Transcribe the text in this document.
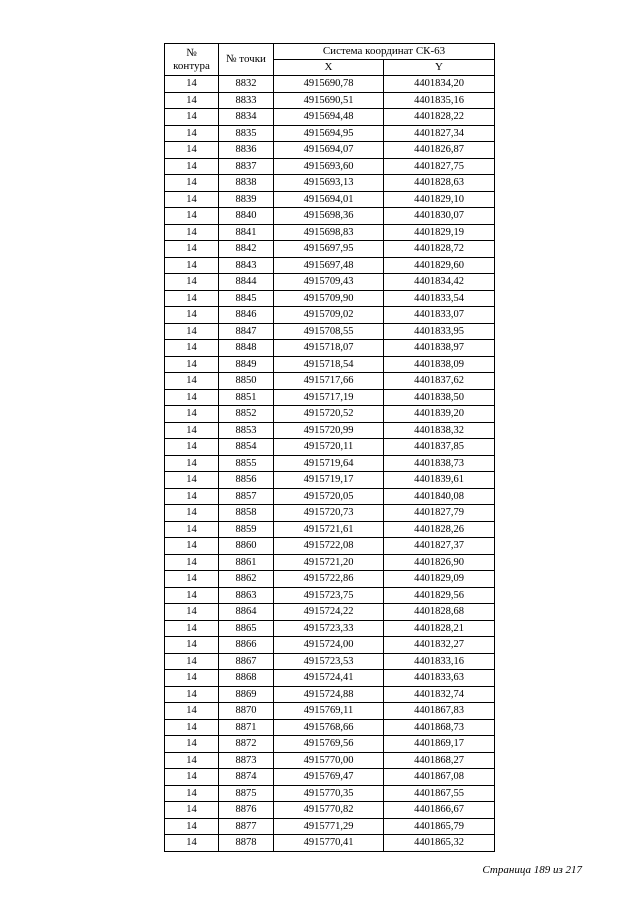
№
контура	№ точки	Система координат СК-63	
		X	Y
14	8832	4915690,78	4401834,20
14	8833	4915690,51	4401835,16
14	8834	4915694,48	4401828,22
14	8835	4915694,95	4401827,34
14	8836	4915694,07	4401826,87
14	8837	4915693,60	4401827,75
14	8838	4915693,13	4401828,63
14	8839	4915694,01	4401829,10
14	8840	4915698,36	4401830,07
14	8841	4915698,83	4401829,19
14	8842	4915697,95	4401828,72
14	8843	4915697,48	4401829,60
14	8844	4915709,43	4401834,42
14	8845	4915709,90	4401833,54
14	8846	4915709,02	4401833,07
14	8847	4915708,55	4401833,95
14	8848	4915718,07	4401838,97
14	8849	4915718,54	4401838,09
14	8850	4915717,66	4401837,62
14	8851	4915717,19	4401838,50
14	8852	4915720,52	4401839,20
14	8853	4915720,99	4401838,32
14	8854	4915720,11	4401837,85
14	8855	4915719,64	4401838,73
14	8856	4915719,17	4401839,61
14	8857	4915720,05	4401840,08
14	8858	4915720,73	4401827,79
14	8859	4915721,61	4401828,26
14	8860	4915722,08	4401827,37
14	8861	4915721,20	4401826,90
14	8862	4915722,86	4401829,09
14	8863	4915723,75	4401829,56
14	8864	4915724,22	4401828,68
14	8865	4915723,33	4401828,21
14	8866	4915724,00	4401832,27
14	8867	4915723,53	4401833,16
14	8868	4915724,41	4401833,63
14	8869	4915724,88	4401832,74
14	8870	4915769,11	4401867,83
14	8871	4915768,66	4401868,73
14	8872	4915769,56	4401869,17
14	8873	4915770,00	4401868,27
14	8874	4915769,47	4401867,08
14	8875	4915770,35	4401867,55
14	8876	4915770,82	4401866,67
14	8877	4915771,29	4401865,79
14	8878	4915770,41	4401865,32
Страница 189 из 217
